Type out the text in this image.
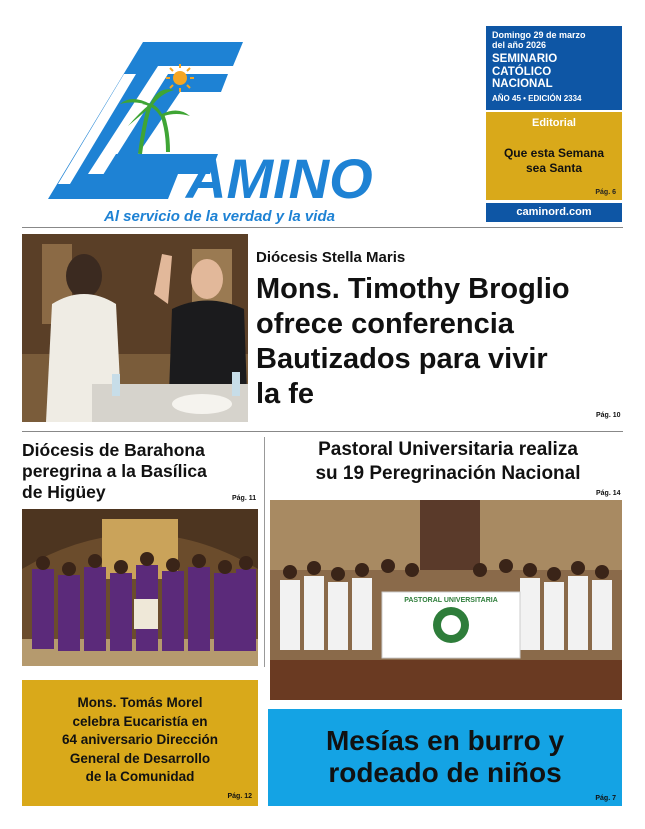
AMINO
Al servicio de la verdad y la vida
Domingo 29 de marzo
del año 2026
SEMINARIO
CATÓLICO
NACIONAL
AÑO 45 • EDICIÓN 2334
Editorial
Que esta Semana
sea Santa
Pág. 6
caminord.com
Diócesis Stella Maris
Mons. Timothy Broglio
ofrece conferencia
Bautizados para vivir
la fe
Pág. 10
Diócesis de Barahona
peregrina a la Basílica
de Higüey	Pág. 11
Pastoral Universitaria realiza
su 19 Peregrinación Nacional
Pág. 14
PASTORAL UNIVERSITARIA
Mons. Tomás Morel
celebra Eucaristía en
64 aniversario Dirección
General de Desarrollo
de la Comunidad
Pág. 12
Mesías en burro y
rodeado de niños
Pág. 7
